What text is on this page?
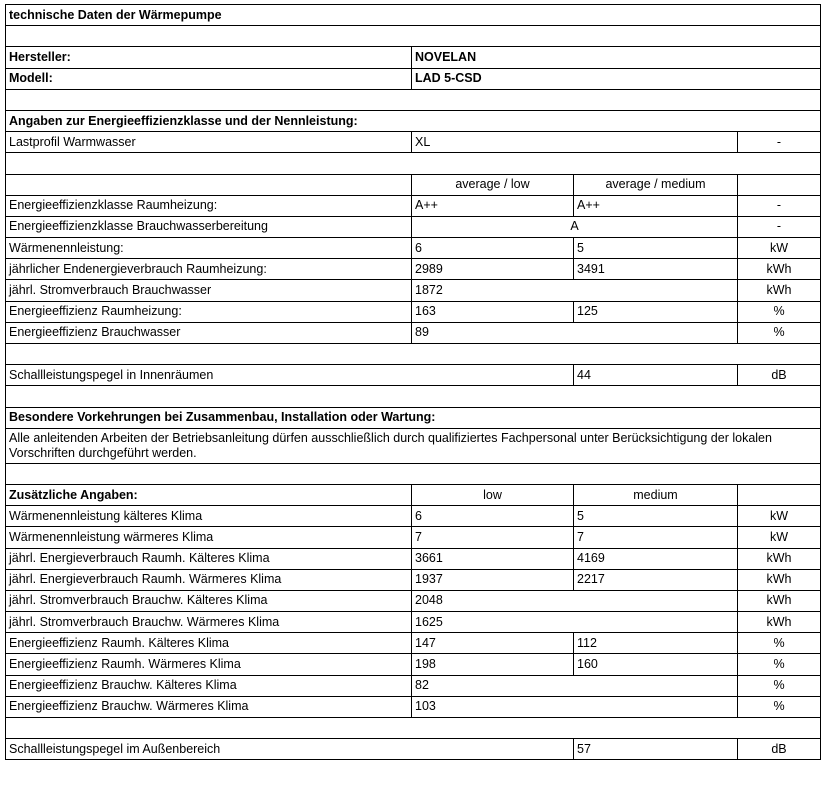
technische Daten der Wärmepumpe			

Hersteller:	NOVELAN		
Modell:	LAD 5-CSD		

Angaben zur Energieeffizienzklasse und der Nennleistung:			
Lastprofil Warmwasser	XL		-

	average / low	average / medium	
Energieeffizienzklasse Raumheizung:	A++	A++	-
Energieeffizienzklasse Brauchwasserbereitung	A		-
Wärmenennleistung:	6	5	kW
jährlicher Endenergieverbrauch Raumheizung:	2989	3491	kWh
jährl. Stromverbrauch Brauchwasser	1872		kWh
Energieeffizienz Raumheizung:	163	125	%
Energieeffizienz Brauchwasser	89		%

Schallleistungspegel in Innenräumen		44	dB

Besondere Vorkehrungen bei Zusammenbau, Installation oder Wartung:			
Alle anleitenden Arbeiten der Betriebsanleitung dürfen ausschließlich durch qualifiziertes Fachpersonal unter Berücksichtigung der lokalen Vorschriften durchgeführt werden.			

Zusätzliche Angaben:	low	medium	
Wärmenennleistung kälteres Klima	6	5	kW
Wärmenennleistung wärmeres Klima	7	7	kW
jährl. Energieverbrauch Raumh. Kälteres Klima	3661	4169	kWh
jährl. Energieverbrauch Raumh. Wärmeres Klima	1937	2217	kWh
jährl. Stromverbrauch Brauchw. Kälteres Klima	2048		kWh
jährl. Stromverbrauch Brauchw. Wärmeres Klima	1625		kWh
Energieeffizienz Raumh. Kälteres Klima	147	112	%
Energieeffizienz Raumh. Wärmeres Klima	198	160	%
Energieeffizienz Brauchw. Kälteres Klima	82		%
Energieeffizienz Brauchw. Wärmeres Klima	103		%

Schallleistungspegel im Außenbereich		57	dB
